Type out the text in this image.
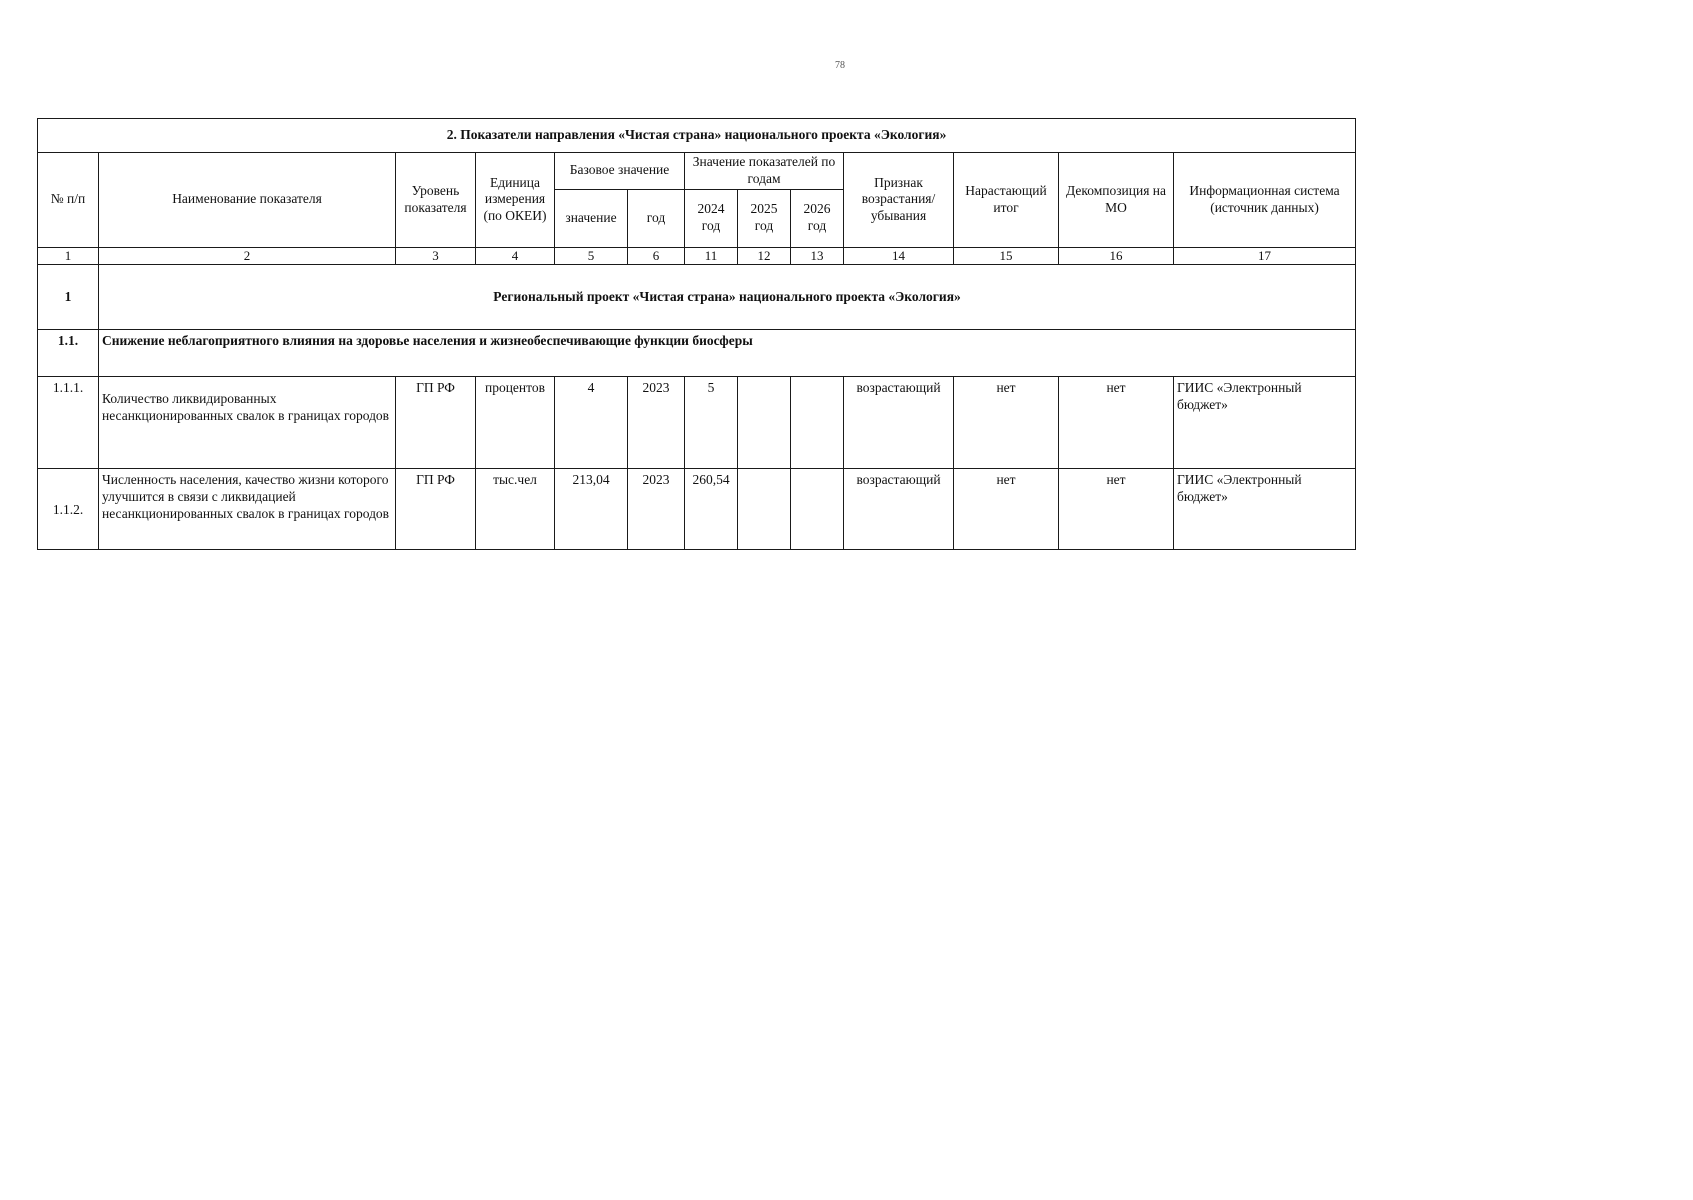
78
2. Показатели направления «Чистая страна» национального проекта «Экология»												
№ п/п	Наименование показателя	Уровень показателя	Единица измерения (по ОКЕИ)	Базовое значение		Значение показателей по годам			Признак возрастания/ убывания	Нарастающий итог	Декомпозиция на МО	Информационная система (источник данных)
				значение	год	2024 год	2025 год	2026 год				
1	2	3	4	5	6	11	12	13	14	15	16	17
1	Региональный проект «Чистая страна» национального проекта «Экология»											
1.1.	Снижение неблагоприятного влияния на здоровье населения и жизнеобеспечивающие функции биосферы											
1.1.1.	Количество ликвидированных несанкционированных свалок в границах городов	ГП РФ	процентов	4	2023	5			возрастающий	нет	нет	ГИИС «Электронный бюджет»
1.1.2.	Численность населения, качество жизни которого улучшится в связи с ликвидацией несанкционированных свалок в границах городов	ГП РФ	тыс.чел	213,04	2023	260,54			возрастающий	нет	нет	ГИИС «Электронный бюджет»
